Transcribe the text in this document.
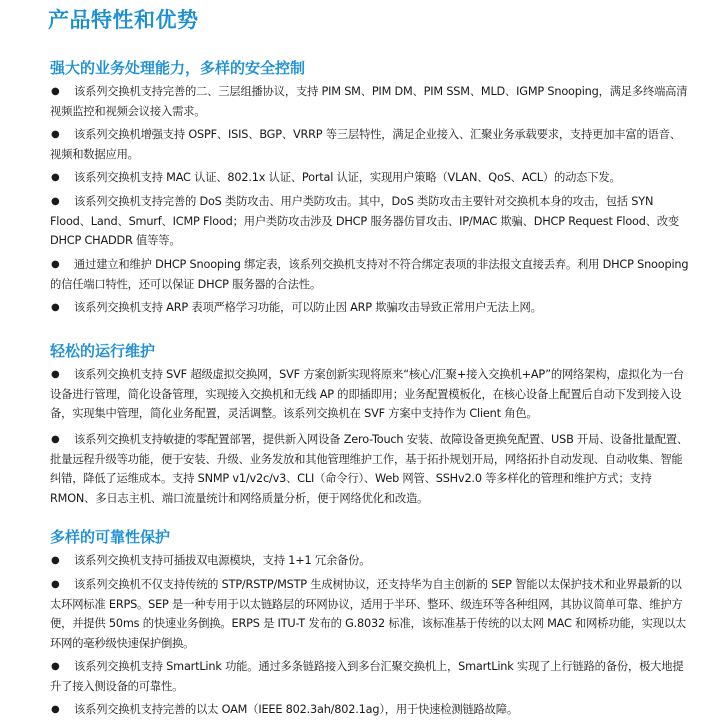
产品特性和优势
强大的业务处理能力，多样的安全控制
●	该系列交换机支持完善的二、三层组播协议，支持 PIM SM、PIM DM、PIM SSM、MLD、IGMP Snooping，满足多终端高清视频监控和视频会议接入需求。

●	该系列交换机增强支持 OSPF、ISIS、BGP、VRRP 等三层特性，满足企业接入、汇聚业务承载要求，支持更加丰富的语音、视频和数据应用。

●	该系列交换机支持 MAC 认证、802.1x 认证、Portal 认证，实现用户策略（VLAN、QoS、ACL）的动态下发。

●	该系列交换机支持完善的 DoS 类防攻击、用户类防攻击。其中，DoS 类防攻击主要针对交换机本身的攻击，包括 SYN Flood、Land、Smurf、ICMP Flood；用户类防攻击涉及 DHCP 服务器仿冒攻击、IP/MAC 欺骗、DHCP Request Flood、改变 DHCP CHADDR 值等等。

●	通过建立和维护 DHCP Snooping 绑定表，该系列交换机支持对不符合绑定表项的非法报文直接丢弃。利用 DHCP Snooping 的信任端口特性，还可以保证 DHCP 服务器的合法性。

●	该系列交换机支持 ARP 表项严格学习功能，可以防止因 ARP 欺骗攻击导致正常用户无法上网。

轻松的运行维护
●	该系列交换机支持 SVF 超级虚拟交换网，SVF 方案创新实现将原来“核心/汇聚+接入交换机+AP”的网络架构，虚拟化为一台设备进行管理，简化设备管理，实现接入交换机和无线 AP 的即插即用；业务配置模板化，在核心设备上配置后自动下发到接入设备，实现集中管理，简化业务配置，灵活调整。该系列交换机在 SVF 方案中支持作为 Client 角色。

●	该系列交换机支持敏捷的零配置部署，提供新入网设备 Zero-Touch 安装、故障设备更换免配置、USB 开局、设备批量配置、批量远程升级等功能，便于安装、升级、业务发放和其他管理维护工作，基于拓扑规划开局，网络拓扑自动发现、自动收集、智能纠错，降低了运维成本。支持 SNMP v1/v2c/v3、CLI（命令行）、Web 网管、SSHv2.0 等多样化的管理和维护方式；支持 RMON、多日志主机、端口流量统计和网络质量分析，便于网络优化和改造。

多样的可靠性保护
●	该系列交换机支持可插拔双电源模块，支持 1+1 冗余备份。

●	该系列交换机不仅支持传统的 STP/RSTP/MSTP 生成树协议，还支持华为自主创新的 SEP 智能以太保护技术和业界最新的以太环网标准 ERPS。SEP 是一种专用于以太链路层的环网协议，适用于半环、整环、级连环等各种组网，其协议简单可靠、维护方便，并提供 50ms 的快速业务倒换。ERPS 是 ITU-T 发布的 G.8032 标准，该标准基于传统的以太网 MAC 和网桥功能，实现以太环网的毫秒级快速保护倒换。

●	该系列交换机支持 SmartLink 功能。通过多条链路接入到多台汇聚交换机上，SmartLink 实现了上行链路的备份，极大地提升了接入侧设备的可靠性。

●	该系列交换机支持完善的以太 OAM（IEEE 802.3ah/802.1ag），用于快速检测链路故障。
